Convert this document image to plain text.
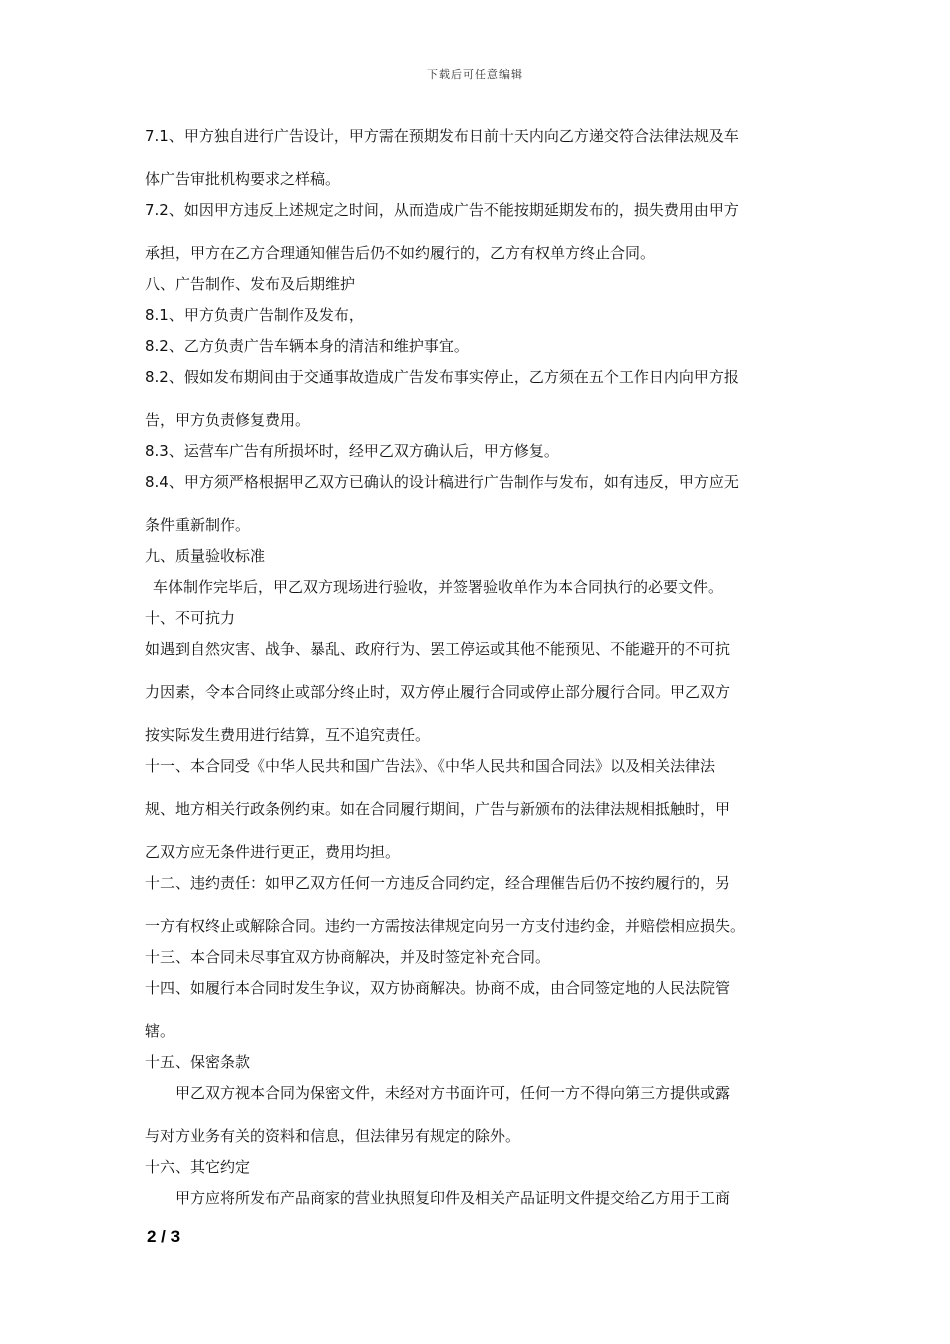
下载后可任意编辑

7.1、甲方独自进行广告设计，甲方需在预期发布日前十天内向乙方递交符合法律法规及车

体广告审批机构要求之样稿。

7.2、如因甲方违反上述规定之时间，从而造成广告不能按期延期发布的，损失费用由甲方

承担，甲方在乙方合理通知催告后仍不如约履行的，乙方有权单方终止合同。

八、广告制作、发布及后期维护

8.1、甲方负责广告制作及发布，

8.2、乙方负责广告车辆本身的清洁和维护事宜。

8.2、假如发布期间由于交通事故造成广告发布事实停止，乙方须在五个工作日内向甲方报

告，甲方负责修复费用。

8.3、运营车广告有所损坏时，经甲乙双方确认后，甲方修复。

8.4、甲方须严格根据甲乙双方已确认的设计稿进行广告制作与发布，如有违反，甲方应无

条件重新制作。

九、质量验收标准

车体制作完毕后，甲乙双方现场进行验收，并签署验收单作为本合同执行的必要文件。

十、不可抗力

如遇到自然灾害、战争、暴乱、政府行为、罢工停运或其他不能预见、不能避开的不可抗

力因素，令本合同终止或部分终止时，双方停止履行合同或停止部分履行合同。甲乙双方

按实际发生费用进行结算，互不追究责任。

十一、本合同受《中华人民共和国广告法》、《中华人民共和国合同法》以及相关法律法

规、地方相关行政条例约束。如在合同履行期间，广告与新颁布的法律法规相抵触时，甲

乙双方应无条件进行更正，费用均担。

十二、违约责任：如甲乙双方任何一方违反合同约定，经合理催告后仍不按约履行的，另

一方有权终止或解除合同。违约一方需按法律规定向另一方支付违约金，并赔偿相应损失。

十三、本合同未尽事宜双方协商解决，并及时签定补充合同。

十四、如履行本合同时发生争议，双方协商解决。协商不成，由合同签定地的人民法院管

辖。

十五、保密条款

甲乙双方视本合同为保密文件，未经对方书面许可，任何一方不得向第三方提供或露

与对方业务有关的资料和信息，但法律另有规定的除外。

十六、其它约定

甲方应将所发布产品商家的营业执照复印件及相关产品证明文件提交给乙方用于工商

2 / 3
